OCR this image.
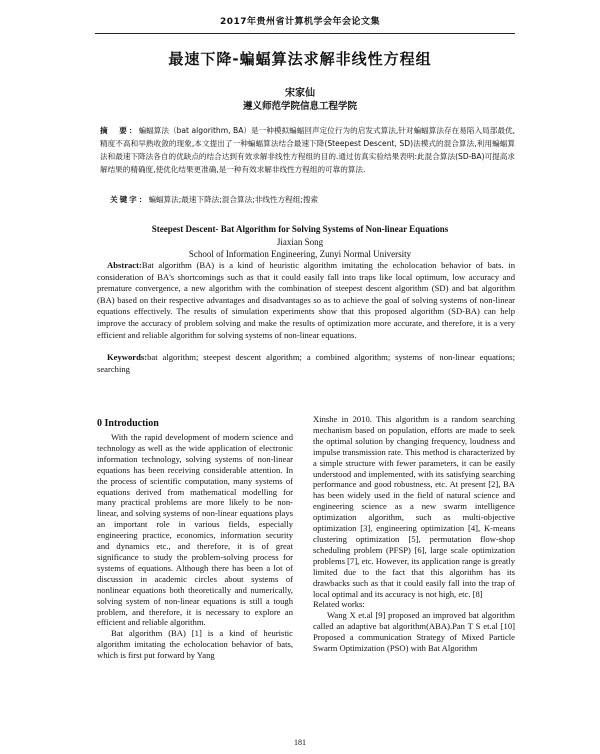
2017年贵州省计算机学会年会论文集
最速下降-蝙蝠算法求解非线性方程组
宋家仙
遵义师范学院信息工程学院
摘　要：蝙蝠算法（bat algorithm, BA）是一种模拟蝙蝠回声定位行为的启发式算法,针对蝙蝠算法存在易陷入局部最优,精度不高和早熟收敛的现象,本文提出了一种蝙蝠算法结合最速下降(Steepest Descent, SD)法模式的混合算法,利用蝙蝠算法和最速下降法各自的优缺点的结合达到有效求解非线性方程组的目的.通过仿真实验结果表明:此混合算法(SD-BA)可提高求解结果的精确度,使优化结果更准确,是一种有效求解非线性方程组的可靠的算法.
关键字：蝙蝠算法;最速下降法;混合算法;非线性方程组;搜索
Steepest Descent- Bat Algorithm for Solving Systems of Non-linear Equations
Jiaxian Song
School of Information Engineering, Zunyi Normal University
Abstract:Bat algorithm (BA) is a kind of heuristic algorithm imitating the echolocation behavior of bats. in consideration of BA's shortcomings such as that it could easily fall into traps like local optimum, low accuracy and premature convergence, a new algorithm with the combination of steepest descent algorithm (SD) and bat algorithm (BA) based on their respective advantages and disadvantages so as to achieve the goal of solving systems of non-linear equations effectively. The results of simulation experiments show that this proposed algorithm (SD-BA) can help improve the accuracy of problem solving and make the results of optimization more accurate, and therefore, it is a very efficient and reliable algorithm for solving systems of non-linear equations.
Keywords:bat algorithm; steepest descent algorithm; a combined algorithm; systems of non-linear equations; searching
0 Introduction

With the rapid development of modern science and technology as well as the wide application of electronic information technology, solving systems of non-linear equations has been receiving considerable attention. In the process of scientific computation, many systems of equations derived from mathematical modelling for many practical problems are more likely to be non-linear, and solving systems of non-linear equations plays an important role in various fields, especially engineering practice, economics, information security and dynamics etc., and therefore, it is of great significance to study the problem-solving process for systems of equations. Although there has been a lot of discussion in academic circles about systems of nonlinear equations both theoretically and numerically, solving system of non-linear equations is still a tough problem, and therefore, it is necessary to explore an efficient and reliable algorithm.

Bat algorithm (BA) [1] is a kind of heuristic algorithm imitating the echolocation behavior of bats, which is first put forward by Yang

Xinshe in 2010. This algorithm is a random searching mechanism based on population, efforts are made to seek the optimal solution by changing frequency, loudness and impulse transmission rate. This method is characterized by a simple structure with fewer parameters, it can be easily understood and implemented, with its satisfying searching performance and good robustness, etc. At present [2], BA has been widely used in the field of natural science and engineering science as a new swarm intelligence optimization algorithm, such as multi-objective optimization [3], engineering optimization [4], K-means clustering optimization [5], permutation flow-shop scheduling problem (PFSP) [6], large scale optimization problems [7], etc. However, its application range is greatly limited due to the fact that this algorithm has its drawbacks such as that it could easily fall into the trap of local optimal and its accuracy is not high, etc. [8]

Related works:

Wang X et.al [9] proposed an improved bat algorithm called an adaptive bat algorithm(ABA).Pan T S et.al [10] Proposed a communication Strategy of Mixed Particle Swarm Optimization (PSO) with Bat Algorithm

181
